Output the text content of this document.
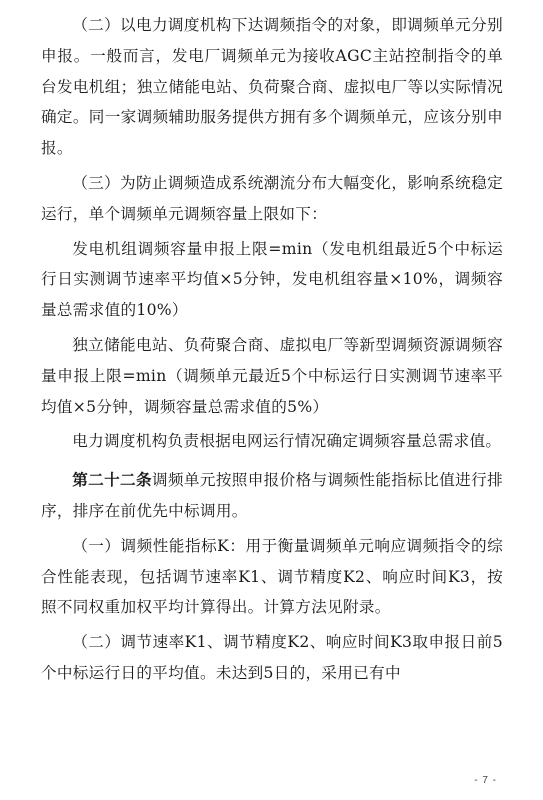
（二）以电力调度机构下达调频指令的对象，即调频单元分别申报。一般而言，发电厂调频单元为接收AGC主站控制指令的单台发电机组；独立储能电站、负荷聚合商、虚拟电厂等以实际情况确定。同一家调频辅助服务提供方拥有多个调频单元，应该分别申报。

（三）为防止调频造成系统潮流分布大幅变化，影响系统稳定运行，单个调频单元调频容量上限如下：

发电机组调频容量申报上限=min（发电机组最近5个中标运行日实测调节速率平均值×5分钟，发电机组容量×10%，调频容量总需求值的10%）

独立储能电站、负荷聚合商、虚拟电厂等新型调频资源调频容量申报上限=min（调频单元最近5个中标运行日实测调节速率平均值×5分钟，调频容量总需求值的5%）

电力调度机构负责根据电网运行情况确定调频容量总需求值。

第二十二条调频单元按照申报价格与调频性能指标比值进行排序，排序在前优先中标调用。

（一）调频性能指标K：用于衡量调频单元响应调频指令的综合性能表现，包括调节速率K1、调节精度K2、响应时间K3，按照不同权重加权平均计算得出。计算方法见附录。

（二）调节速率K1、调节精度K2、响应时间K3取申报日前5个中标运行日的平均值。未达到5日的，采用已有中

- 7 -
